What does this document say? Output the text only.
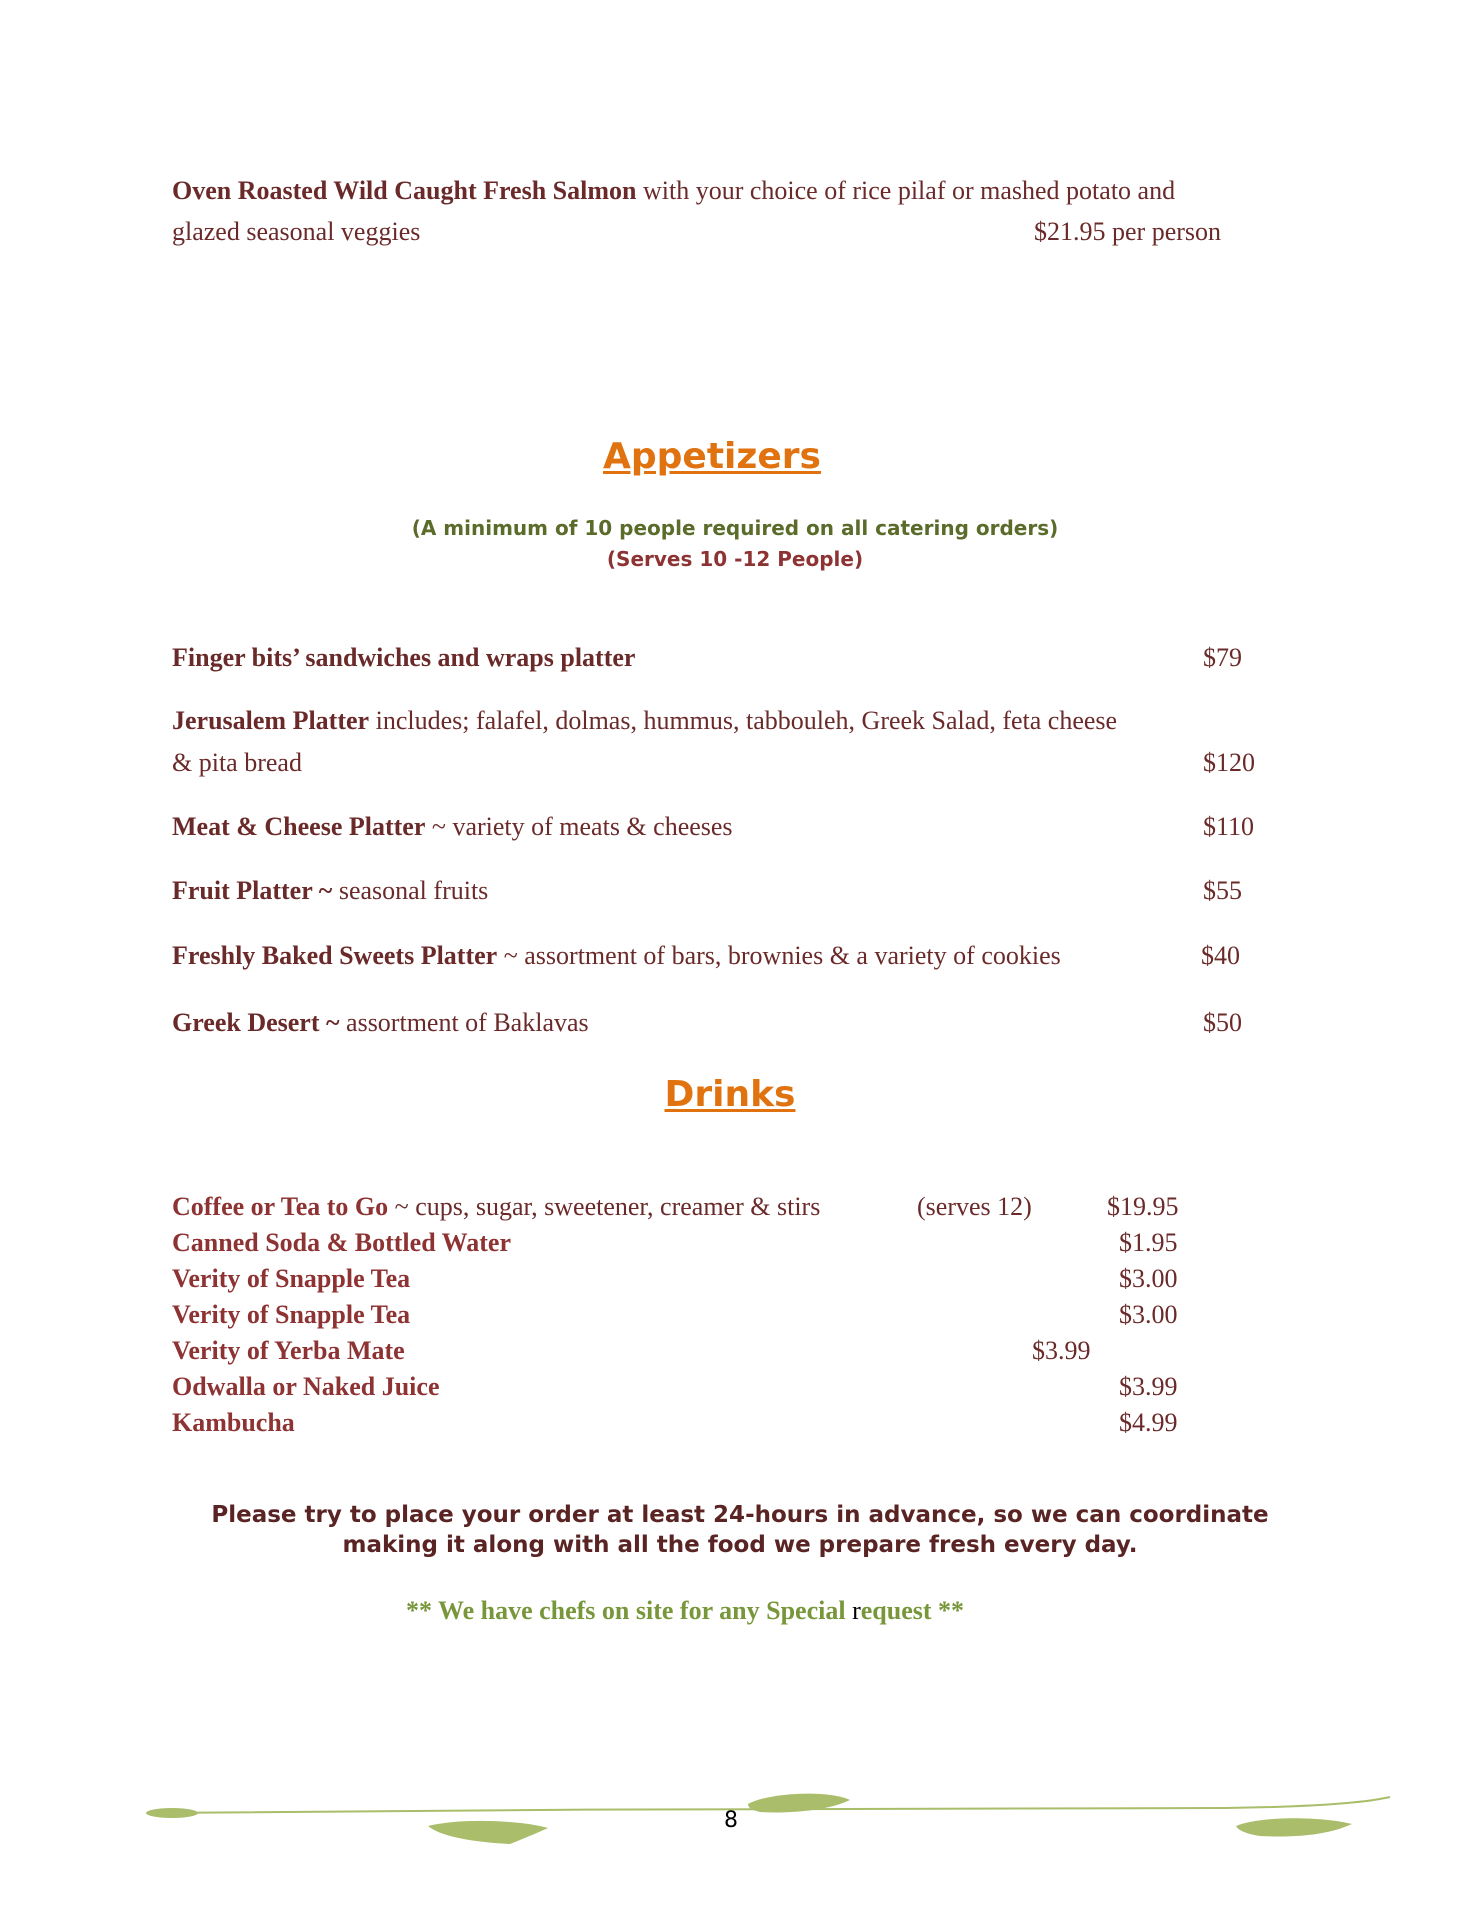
Oven Roasted Wild Caught Fresh Salmon with your choice of rice pilaf or mashed potato and
glazed seasonal veggies	$21.95 per person
Appetizers
(A minimum of 10 people required on all catering orders)
(Serves 10 -12 People)
Finger bits’ sandwiches and wraps platter	$79
Jerusalem Platter includes; falafel, dolmas, hummus, tabbouleh, Greek Salad, feta cheese
& pita bread	$120
Meat & Cheese Platter ~ variety of meats & cheeses	$110
Fruit Platter ~ seasonal fruits	$55
Freshly Baked Sweets Platter ~ assortment of bars, brownies & a variety of cookies	$40
Greek Desert ~ assortment of Baklavas	$50
Drinks
Coffee or Tea to Go ~ cups, sugar, sweetener, creamer & stirs	(serves 12)	$19.95
Canned Soda & Bottled Water	$1.95
Verity of Snapple Tea	$3.00
Verity of Snapple Tea	$3.00
Verity of Yerba Mate	$3.99
Odwalla or Naked Juice	$3.99
Kambucha	$4.99
Please try to place your order at least 24-hours in advance, so we can coordinate making it along with all the food we prepare fresh every day.
** We have chefs on site for any Special request **
8
